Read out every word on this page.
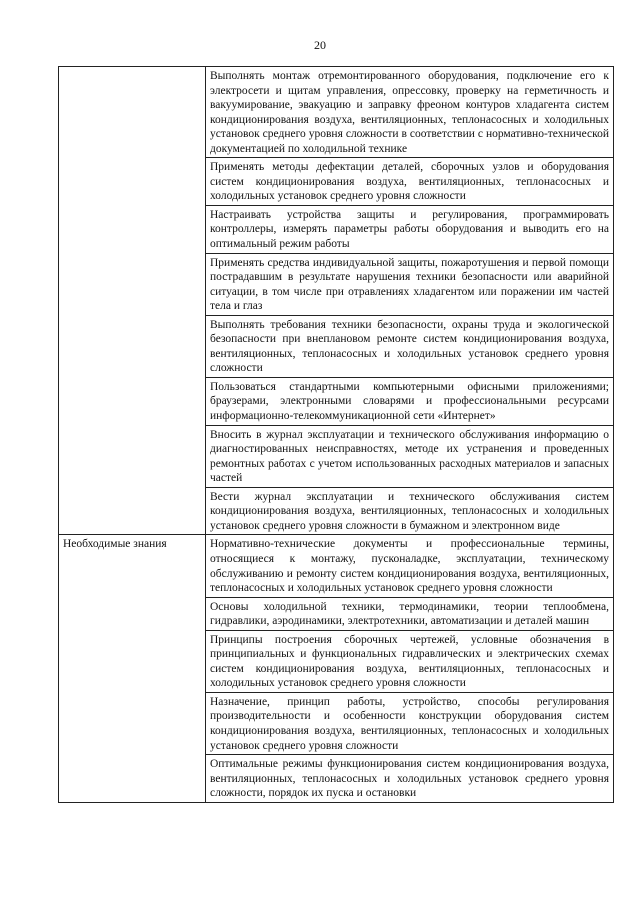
20
	Выполнять монтаж отремонтированного оборудования, подключение его к электросети и щитам управления, опрессовку, проверку на герметичность и вакуумирование, эвакуацию и заправку фреоном контуров хладагента систем кондиционирования воздуха, вентиляционных, теплонасосных и холодильных установок среднего уровня сложности в соответствии с нормативно-технической документацией по холодильной технике
	Применять методы дефектации деталей, сборочных узлов и оборудования систем кондиционирования воздуха, вентиляционных, теплонасосных и холодильных установок среднего уровня сложности
	Настраивать устройства защиты и регулирования, программировать контроллеры, измерять параметры работы оборудования и выводить его на оптимальный режим работы
	Применять средства индивидуальной защиты, пожаротушения и первой помощи пострадавшим в результате нарушения техники безопасности или аварийной ситуации, в том числе при отравлениях хладагентом или поражении им частей тела и глаз
	Выполнять требования техники безопасности, охраны труда и экологической безопасности при внеплановом ремонте систем кондиционирования воздуха, вентиляционных, теплонасосных и холодильных установок среднего уровня сложности
	Пользоваться стандартными компьютерными офисными приложениями; браузерами, электронными словарями и профессиональными ресурсами информационно-телекоммуникационной сети «Интернет»
	Вносить в журнал эксплуатации и технического обслуживания информацию о диагностированных неисправностях, методе их устранения и проведенных ремонтных работах с учетом использованных расходных материалов и запасных частей
	Вести журнал эксплуатации и технического обслуживания систем кондиционирования воздуха, вентиляционных, теплонасосных и холодильных установок среднего уровня сложности в бумажном и электронном виде
Необходимые знания	Нормативно-технические документы и профессиональные термины, относящиеся к монтажу, пусконаладке, эксплуатации, техническому обслуживанию и ремонту систем кондиционирования воздуха, вентиляционных, теплонасосных и холодильных установок среднего уровня сложности
	Основы холодильной техники, термодинамики, теории теплообмена, гидравлики, аэродинамики, электротехники, автоматизации и деталей машин
	Принципы построения сборочных чертежей, условные обозначения в принципиальных и функциональных гидравлических и электрических схемах систем кондиционирования воздуха, вентиляционных, теплонасосных и холодильных установок среднего уровня сложности
	Назначение, принцип работы, устройство, способы регулирования производительности и особенности конструкции оборудования систем кондиционирования воздуха, вентиляционных, теплонасосных и холодильных установок среднего уровня сложности
	Оптимальные режимы функционирования систем кондиционирования воздуха, вентиляционных, теплонасосных и холодильных установок среднего уровня сложности, порядок их пуска и остановки
